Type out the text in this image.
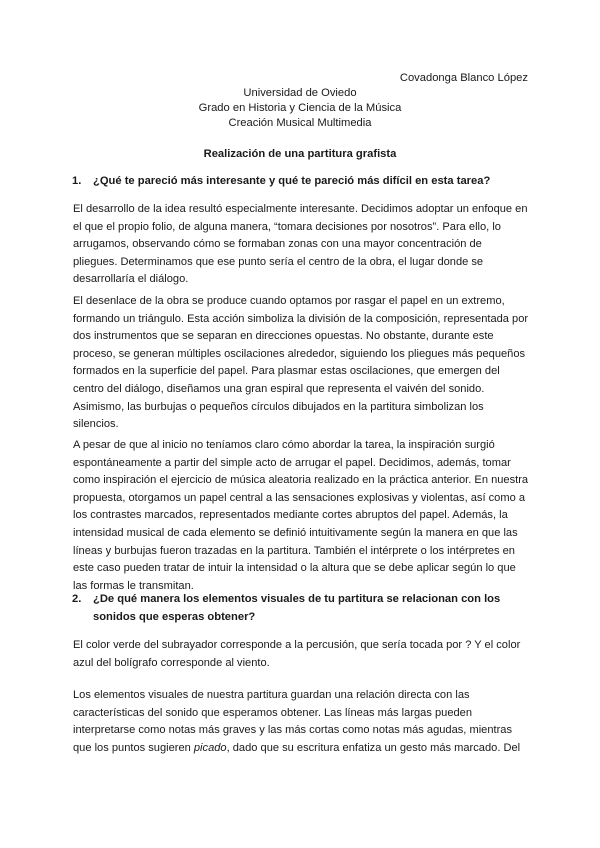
Covadonga Blanco López
Universidad de Oviedo
Grado en Historia y Ciencia de la Música
Creación Musical Multimedia
Realización de una partitura grafista
1. ¿Qué te pareció más interesante y qué te pareció más difícil en esta tarea?

El desarrollo de la idea resultó especialmente interesante. Decidimos adoptar un enfoque en el que el propio folio, de alguna manera, “tomara decisiones por nosotros”. Para ello, lo arrugamos, observando cómo se formaban zonas con una mayor concentración de pliegues. Determinamos que ese punto sería el centro de la obra, el lugar donde se desarrollaría el diálogo.

El desenlace de la obra se produce cuando optamos por rasgar el papel en un extremo, formando un triángulo. Esta acción simboliza la división de la composición, representada por dos instrumentos que se separan en direcciones opuestas. No obstante, durante este proceso, se generan múltiples oscilaciones alrededor, siguiendo los pliegues más pequeños formados en la superficie del papel. Para plasmar estas oscilaciones, que emergen del centro del diálogo, diseñamos una gran espiral que representa el vaivén del sonido. Asimismo, las burbujas o pequeños círculos dibujados en la partitura simbolizan los silencios.

A pesar de que al inicio no teníamos claro cómo abordar la tarea, la inspiración surgió espontáneamente a partir del simple acto de arrugar el papel. Decidimos, además, tomar como inspiración el ejercicio de música aleatoria realizado en la práctica anterior. En nuestra propuesta, otorgamos un papel central a las sensaciones explosivas y violentas, así como a los contrastes marcados, representados mediante cortes abruptos del papel. Además, la intensidad musical de cada elemento se definió intuitivamente según la manera en que las líneas y burbujas fueron trazadas en la partitura. También el intérprete o los intérpretes en este caso pueden tratar de intuir la intensidad o la altura que se debe aplicar según lo que las formas le transmitan.

2. ¿De qué manera los elementos visuales de tu partitura se relacionan con los sonidos que esperas obtener?

El color verde del subrayador corresponde a la percusión, que sería tocada por ? Y el color azul del bolígrafo corresponde al viento.

Los elementos visuales de nuestra partitura guardan una relación directa con las características del sonido que esperamos obtener. Las líneas más largas pueden interpretarse como notas más graves y las más cortas como notas más agudas, mientras que los puntos sugieren picado, dado que su escritura enfatiza un gesto más marcado. Del
